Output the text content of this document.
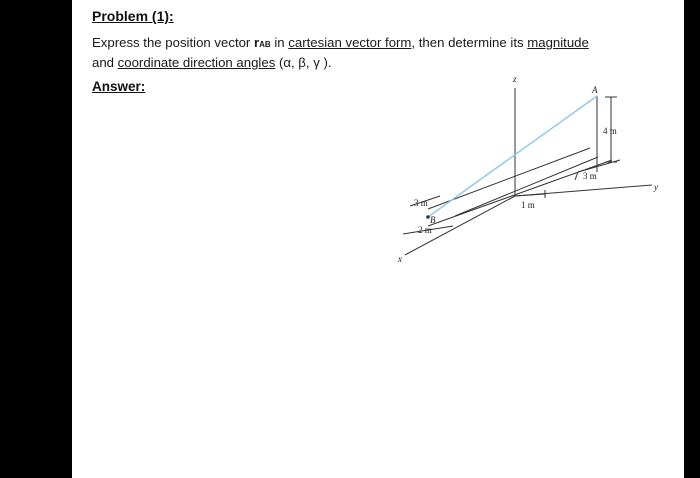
Problem (1):
Express the position vector rAB in cartesian vector form, then determine its magnitude
and coordinate direction angles (α, β, γ ).
Answer:	z
y
x
A
B
4 m
3 m
1 m
3 m
2 m
